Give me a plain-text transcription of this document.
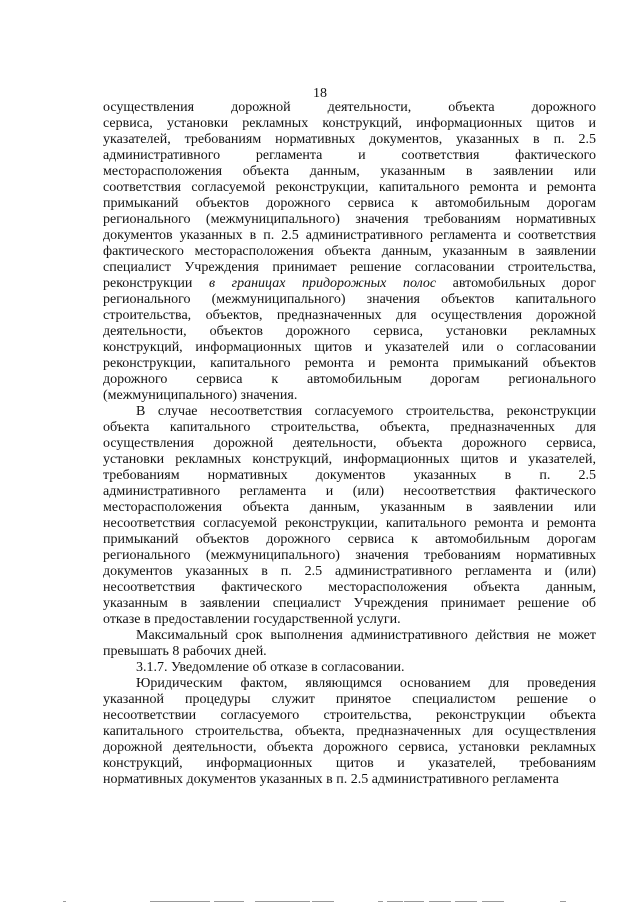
18
осуществления дорожной деятельности, объекта дорожного
сервиса, установки рекламных конструкций, информационных щитов и
указателей, требованиям нормативных документов, указанных в п. 2.5
административного регламента и соответствия фактического
месторасположения объекта данным, указанным в заявлении или
соответствия согласуемой реконструкции, капитального ремонта и ремонта
примыканий объектов дорожного сервиса к автомобильным дорогам
регионального (межмуниципального) значения требованиям нормативных
документов указанных в п. 2.5 административного регламента и соответствия
фактического месторасположения объекта данным, указанным в заявлении
специалист Учреждения принимает решение согласовании строительства,
реконструкции в границах придорожных полос автомобильных дорог
регионального (межмуниципального) значения объектов капитального
строительства, объектов, предназначенных для осуществления дорожной
деятельности, объектов дорожного сервиса, установки рекламных
конструкций, информационных щитов и указателей или о согласовании
реконструкции, капитального ремонта и ремонта примыканий объектов
дорожного сервиса к автомобильным дорогам регионального
(межмуниципального) значения.
В случае несоответствия согласуемого строительства, реконструкции
объекта капитального строительства, объекта, предназначенных для
осуществления дорожной деятельности, объекта дорожного сервиса,
установки рекламных конструкций, информационных щитов и указателей,
требованиям нормативных документов указанных в п. 2.5
административного регламента и (или) несоответствия фактического
месторасположения объекта данным, указанным в заявлении или
несоответствия согласуемой реконструкции, капитального ремонта и ремонта
примыканий объектов дорожного сервиса к автомобильным дорогам
регионального (межмуниципального) значения требованиям нормативных
документов указанных в п. 2.5 административного регламента и (или)
несоответствия фактического месторасположения объекта данным,
указанным в заявлении специалист Учреждения принимает решение об
отказе в предоставлении государственной услуги.
Максимальный срок выполнения административного действия не может
превышать 8 рабочих дней.
3.1.7. Уведомление об отказе в согласовании.
Юридическим фактом, являющимся основанием для проведения
указанной процедуры служит принятое специалистом решение о
несоответствии согласуемого строительства, реконструкции объекта
капитального строительства, объекта, предназначенных для осуществления
дорожной деятельности, объекта дорожного сервиса, установки рекламных
конструкций, информационных щитов и указателей, требованиям
нормативных документов указанных в п. 2.5 административного регламента
